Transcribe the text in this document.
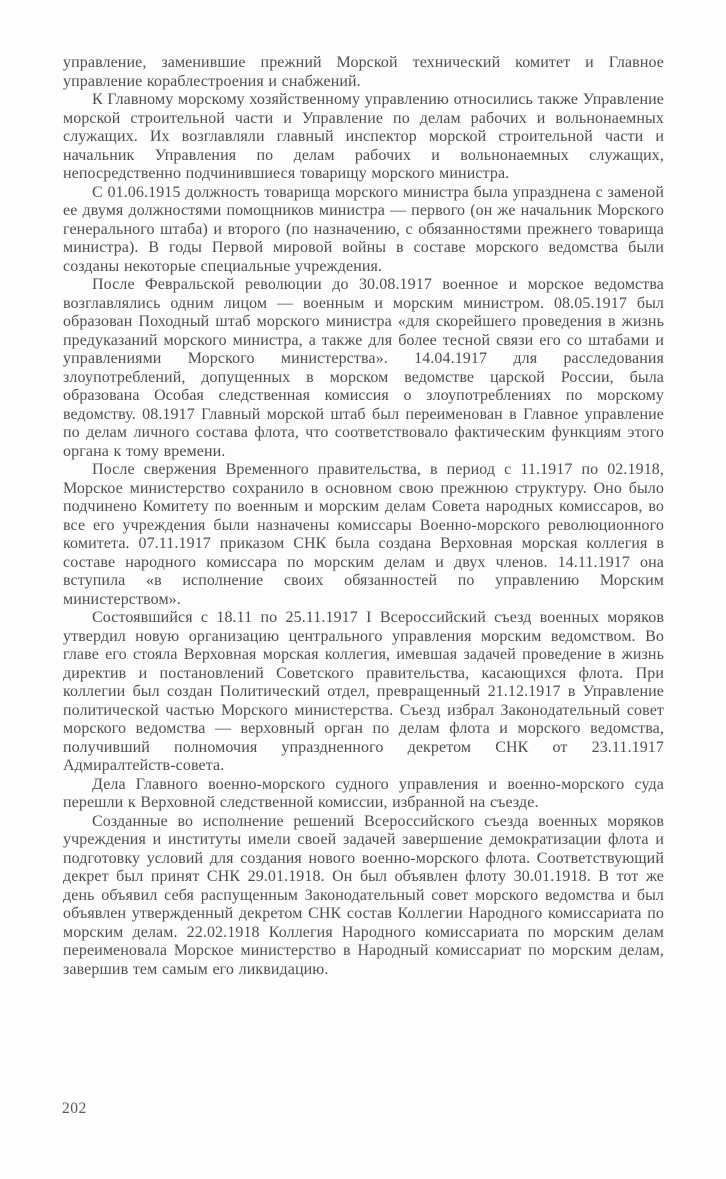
управление, заменившие прежний Морской технический комитет и Главное управление кораблестроения и снабжений.

К Главному морскому хозяйственному управлению относились также Управление морской строительной части и Управление по делам рабочих и вольнонаемных служащих. Их возглавляли главный инспектор морской строительной части и начальник Управления по делам рабочих и вольнонаемных служащих, непосредственно подчинившиеся товарищу морского министра.

С 01.06.1915 должность товарища морского министра была упразднена с заменой ее двумя должностями помощников министра — первого (он же начальник Морского генерального штаба) и второго (по назначению, с обязанностями прежнего товарища министра). В годы Первой мировой войны в составе морского ведомства были созданы некоторые специальные учреждения.

После Февральской революции до 30.08.1917 военное и морское ведомства возглавлялись одним лицом — военным и морским министром. 08.05.1917 был образован Походный штаб морского министра «для скорейшего проведения в жизнь предуказаний морского министра, а также для более тесной связи его со штабами и управлениями Морского министерства». 14.04.1917 для расследования злоупотреблений, допущенных в морском ведомстве царской России, была образована Особая следственная комиссия о злоупотреблениях по морскому ведомству. 08.1917 Главный морской штаб был переименован в Главное управление по делам личного состава флота, что соответствовало фактическим функциям этого органа к тому времени.

После свержения Временного правительства, в период с 11.1917 по 02.1918, Морское министерство сохранило в основном свою прежнюю структуру. Оно было подчинено Комитету по военным и морским делам Совета народных комиссаров, во все его учреждения были назначены комиссары Военно-морского революционного комитета. 07.11.1917 приказом СНК была создана Верховная морская коллегия в составе народного комиссара по морским делам и двух членов. 14.11.1917 она вступила «в исполнение своих обязанностей по управлению Морским министерством».

Состоявшийся с 18.11 по 25.11.1917 I Всероссийский съезд военных моряков утвердил новую организацию центрального управления морским ведомством. Во главе его стояла Верховная морская коллегия, имевшая задачей проведение в жизнь директив и постановлений Советского правительства, касающихся флота. При коллегии был создан Политический отдел, превращенный 21.12.1917 в Управление политической частью Морского министерства. Съезд избрал Законодательный совет морского ведомства — верховный орган по делам флота и морского ведомства, получивший полномочия упраздненного декретом СНК от 23.11.1917 Адмиралтейств-совета.

Дела Главного военно-морского судного управления и военно-морского суда перешли к Верховной следственной комиссии, избранной на съезде.

Созданные во исполнение решений Всероссийского съезда военных моряков учреждения и институты имели своей задачей завершение демократизации флота и подготовку условий для создания нового военно-морского флота. Соответствующий декрет был принят СНК 29.01.1918. Он был объявлен флоту 30.01.1918. В тот же день объявил себя распущенным Законодательный совет морского ведомства и был объявлен утвержденный декретом СНК состав Коллегии Народного комиссариата по морским делам. 22.02.1918 Коллегия Народного комиссариата по морским делам переименовала Морское министерство в Народный комиссариат по морским делам, завершив тем самым его ликвидацию.

202
